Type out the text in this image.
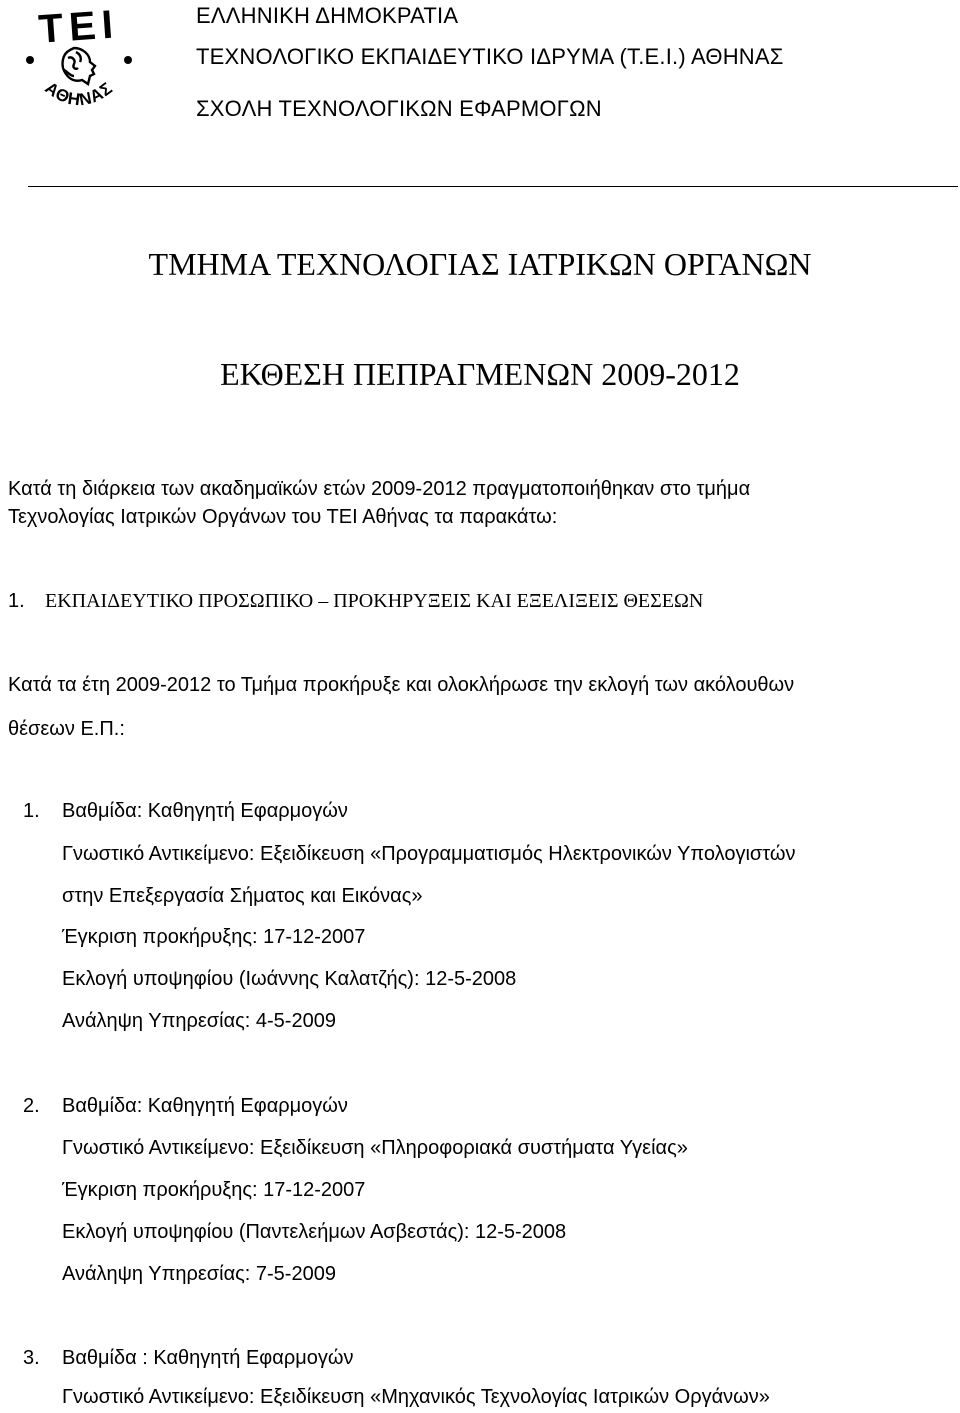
ΤΕΙ
ΑΘΗΝΑΣ
ΕΛΛΗΝΙΚΗ ΔΗΜΟΚΡΑΤΙΑ
ΤΕΧΝΟΛΟΓΙΚΟ ΕΚΠΑΙΔΕΥΤΙΚΟ ΙΔΡΥΜΑ (Τ.Ε.Ι.) ΑΘΗΝΑΣ
ΣΧΟΛΗ ΤΕΧΝΟΛΟΓΙΚΩΝ ΕΦΑΡΜΟΓΩΝ
ΤΜΗΜΑ ΤΕΧΝΟΛΟΓΙΑΣ ΙΑΤΡΙΚΩΝ ΟΡΓΑΝΩΝ
ΕΚΘΕΣΗ ΠΕΠΡΑΓΜΕΝΩΝ 2009-2012
Κατά τη διάρκεια των ακαδημαϊκών ετών 2009-2012 πραγματοποιήθηκαν στο τμήμα
Τεχνολογίας Ιατρικών Οργάνων του ΤΕΙ Αθήνας τα παρακάτω:
1. ΕΚΠΑΙΔΕΥΤΙΚΟ ΠΡΟΣΩΠΙΚΟ – ΠΡΟΚΗΡΥΞΕΙΣ ΚΑΙ ΕΞΕΛΙΞΕΙΣ ΘΕΣΕΩΝ
Κατά τα έτη 2009-2012 το Τμήμα προκήρυξε και ολοκλήρωσε την εκλογή των ακόλουθων
θέσεων Ε.Π.:
1. Βαθμίδα: Καθηγητή Εφαρμογών
Γνωστικό Αντικείμενο: Εξειδίκευση «Προγραμματισμός Ηλεκτρονικών Υπολογιστών
στην Επεξεργασία Σήματος και Εικόνας»
Έγκριση προκήρυξης: 17-12-2007
Εκλογή υποψηφίου (Ιωάννης Καλατζής): 12-5-2008
Ανάληψη Υπηρεσίας: 4-5-2009
2. Βαθμίδα: Καθηγητή Εφαρμογών
Γνωστικό Αντικείμενο: Εξειδίκευση «Πληροφοριακά συστήματα Υγείας»
Έγκριση προκήρυξης: 17-12-2007
Εκλογή υποψηφίου (Παντελεήμων Ασβεστάς): 12-5-2008
Ανάληψη Υπηρεσίας: 7-5-2009
3. Βαθμίδα : Καθηγητή Εφαρμογών
Γνωστικό Αντικείμενο: Εξειδίκευση «Μηχανικός Τεχνολογίας Ιατρικών Οργάνων»
